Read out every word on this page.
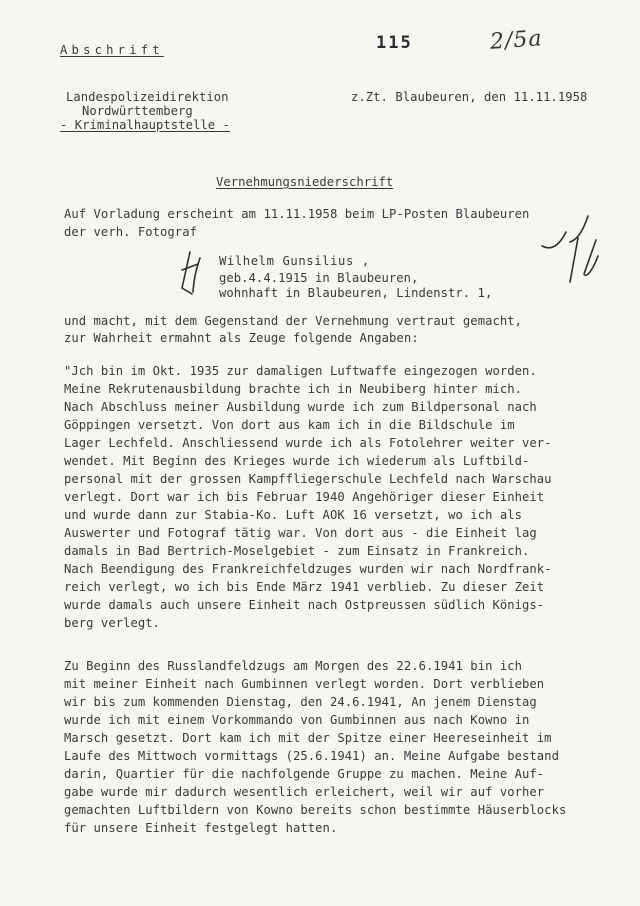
Abschrift	115	2/5a
Landespolizeidirektion
Nordwürttemberg
- Kriminalhauptstelle -
z.Zt. Blaubeuren, den 11.11.1958
Vernehmungsniederschrift
Auf Vorladung erscheint am 11.11.1958 beim LP-Posten Blaubeuren
der verh. Fotograf
Wilhelm Gunsilius ,
geb.4.4.1915 in Blaubeuren,
wohnhaft in Blaubeuren, Lindenstr. 1,
und macht, mit dem Gegenstand der Vernehmung vertraut gemacht,
zur Wahrheit ermahnt als Zeuge folgende Angaben:
"Jch bin im Okt. 1935 zur damaligen Luftwaffe eingezogen worden.
Meine Rekrutenausbildung brachte ich in Neubiberg hinter mich.
Nach Abschluss meiner Ausbildung wurde ich zum Bildpersonal nach
Göppingen versetzt. Von dort aus kam ich in die Bildschule im
Lager Lechfeld. Anschliessend wurde ich als Fotolehrer weiter ver-
wendet. Mit Beginn des Krieges wurde ich wiederum als Luftbild-
personal mit der grossen Kampffliegerschule Lechfeld nach Warschau
verlegt. Dort war ich bis Februar 1940 Angehöriger dieser Einheit
und wurde dann zur Stabia-Ko. Luft AOK 16 versetzt, wo ich als
Auswerter und Fotograf tätig war. Von dort aus - die Einheit lag
damals in Bad Bertrich-Moselgebiet - zum Einsatz in Frankreich.
Nach Beendigung des Frankreichfeldzuges wurden wir nach Nordfrank-
reich verlegt, wo ich bis Ende März 1941 verblieb. Zu dieser Zeit
wurde damals auch unsere Einheit nach Ostpreussen südlich Königs-
berg verlegt.
Zu Beginn des Russlandfeldzugs am Morgen des 22.6.1941 bin ich
mit meiner Einheit nach Gumbinnen verlegt worden. Dort verblieben
wir bis zum kommenden Dienstag, den 24.6.1941, An jenem Dienstag
wurde ich mit einem Vorkommando von Gumbinnen aus nach Kowno in
Marsch gesetzt. Dort kam ich mit der Spitze einer Heereseinheit im
Laufe des Mittwoch vormittags (25.6.1941) an. Meine Aufgabe bestand
darin, Quartier für die nachfolgende Gruppe zu machen. Meine Auf-
gabe wurde mir dadurch wesentlich erleichert, weil wir auf vorher
gemachten Luftbildern von Kowno bereits schon bestimmte Häuserblocks
für unsere Einheit festgelegt hatten.
